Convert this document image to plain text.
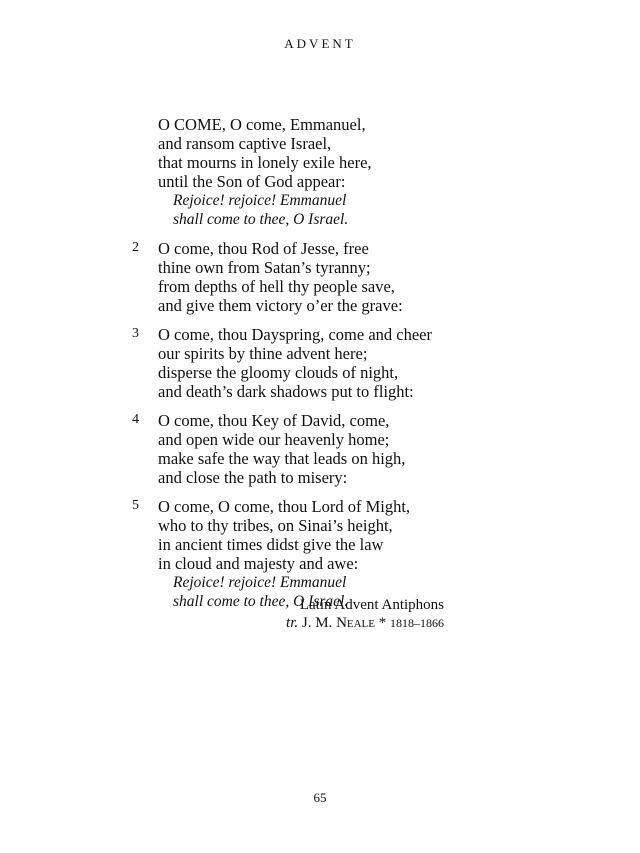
ADVENT
O COME, O come, Emmanuel,
and ransom captive Israel,
that mourns in lonely exile here,
until the Son of God appear:
Rejoice! rejoice! Emmanuel
shall come to thee, O Israel.
2	O come, thou Rod of Jesse, free
thine own from Satan’s tyranny;
from depths of hell thy people save,
and give them victory o’er the grave:
3	O come, thou Dayspring, come and cheer
our spirits by thine advent here;
disperse the gloomy clouds of night,
and death’s dark shadows put to flight:
4	O come, thou Key of David, come,
and open wide our heavenly home;
make safe the way that leads on high,
and close the path to misery:
5	O come, O come, thou Lord of Might,
who to thy tribes, on Sinai’s height,
in ancient times didst give the law
in cloud and majesty and awe:
Rejoice! rejoice! Emmanuel
shall come to thee, O Israel.
Latin Advent Antiphons
tr. J. M. Neale * 1818–1866
65
